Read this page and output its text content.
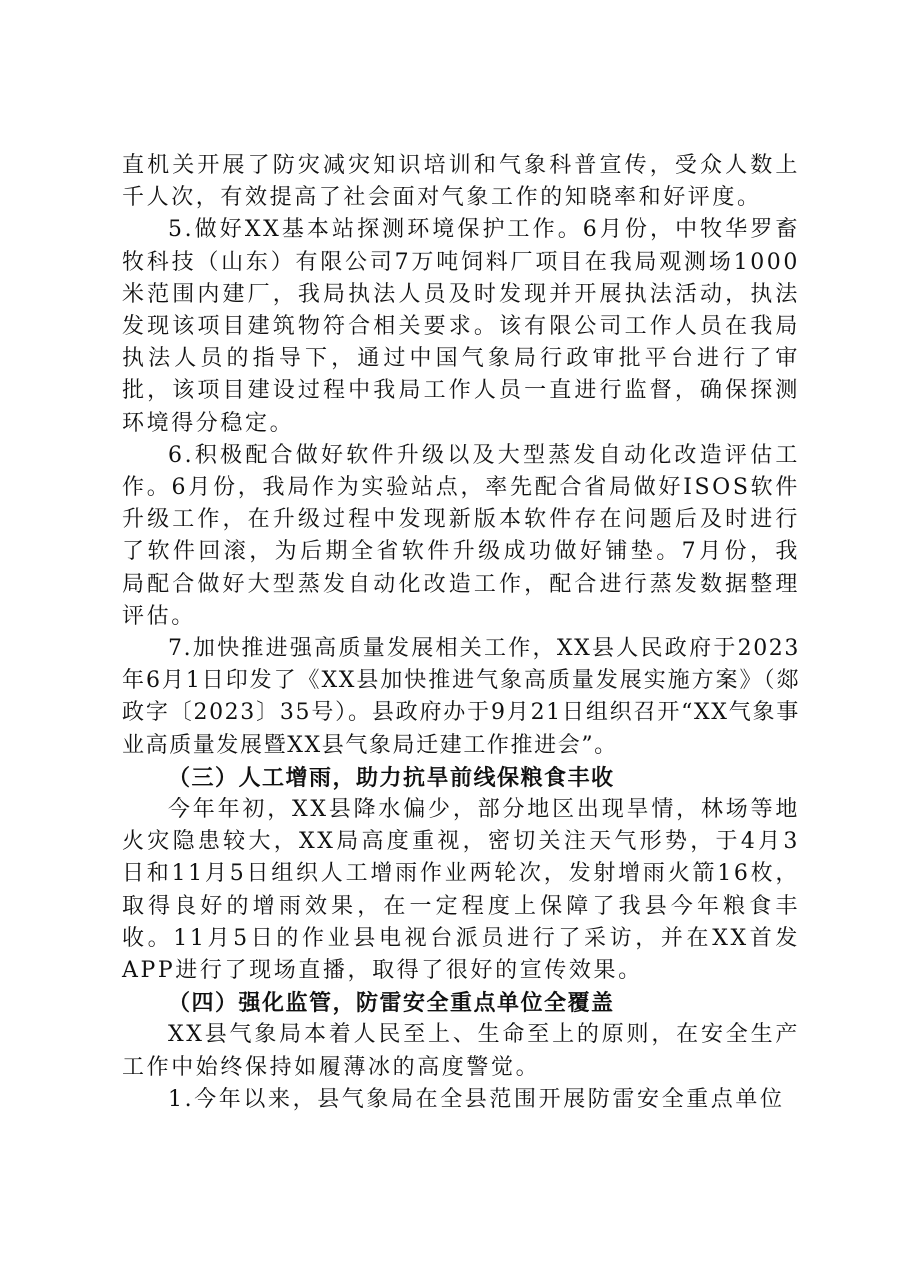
直机关开展了防灾减灾知识培训和气象科普宣传，受众人数上千人次，有效提高了社会面对气象工作的知晓率和好评度。

5.做好XX基本站探测环境保护工作。6月份，中牧华罗畜牧科技（山东）有限公司7万吨饲料厂项目在我局观测场1000米范围内建厂，我局执法人员及时发现并开展执法活动，执法发现该项目建筑物符合相关要求。该有限公司工作人员在我局执法人员的指导下，通过中国气象局行政审批平台进行了审批，该项目建设过程中我局工作人员一直进行监督，确保探测环境得分稳定。

6.积极配合做好软件升级以及大型蒸发自动化改造评估工作。6月份，我局作为实验站点，率先配合省局做好ISOS软件升级工作，在升级过程中发现新版本软件存在问题后及时进行了软件回滚，为后期全省软件升级成功做好铺垫。7月份，我局配合做好大型蒸发自动化改造工作，配合进行蒸发数据整理评估。

7.加快推进强高质量发展相关工作，XX县人民政府于2023年6月1日印发了《XX县加快推进气象高质量发展实施方案》（郯政字〔2023〕35号）。县政府办于9月21日组织召开“XX气象事业高质量发展暨XX县气象局迁建工作推进会”。

（三）人工增雨，助力抗旱前线保粮食丰收

今年年初，XX县降水偏少，部分地区出现旱情，林场等地火灾隐患较大，XX局高度重视，密切关注天气形势，于4月3日和11月5日组织人工增雨作业两轮次，发射增雨火箭16枚，取得良好的增雨效果，在一定程度上保障了我县今年粮食丰收。11月5日的作业县电视台派员进行了采访，并在XX首发APP进行了现场直播，取得了很好的宣传效果。

（四）强化监管，防雷安全重点单位全覆盖

XX县气象局本着人民至上、生命至上的原则，在安全生产工作中始终保持如履薄冰的高度警觉。

1.今年以来，县气象局在全县范围开展防雷安全重点单位
